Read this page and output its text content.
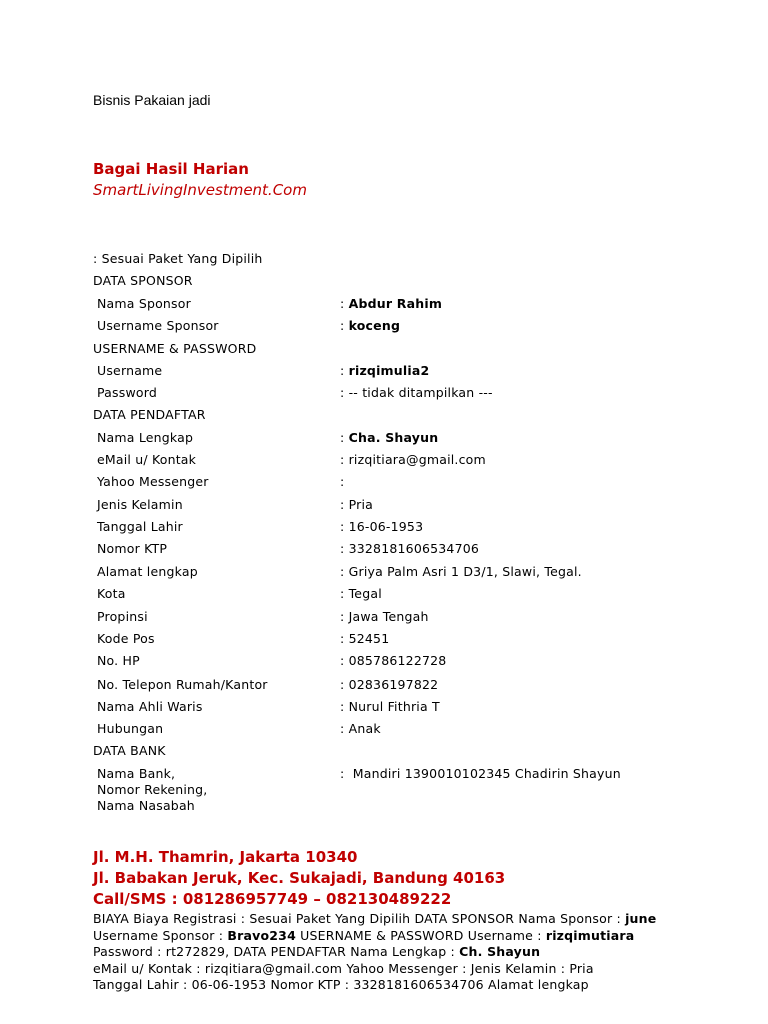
Bisnis Pakaian jadi
Bagai Hasil Harian
SmartLivingInvestment.Com
: Sesuai Paket Yang Dipilih
DATA SPONSOR
Nama Sponsor	: Abdur Rahim
Username Sponsor	: koceng
USERNAME & PASSWORD
Username	: rizqimulia2
Password	: -- tidak ditampilkan ---
DATA PENDAFTAR
Nama Lengkap	: Cha. Shayun
eMail u/ Kontak	: rizqitiara@gmail.com
Yahoo Messenger	:
Jenis Kelamin	: Pria
Tanggal Lahir	: 16-06-1953
Nomor KTP	: 3328181606534706
Alamat lengkap	: Griya Palm Asri 1 D3/1, Slawi, Tegal.
Kota	: Tegal
Propinsi	: Jawa Tengah
Kode Pos	: 52451
No. HP	: 085786122728
No. Telepon Rumah/Kantor	: 02836197822
Nama Ahli Waris	: Nurul Fithria T
Hubungan	: Anak
DATA BANK
Nama Bank,
Nomor Rekening,
Nama Nasabah
:  Mandiri 1390010102345 Chadirin Shayun
Jl. M.H. Thamrin, Jakarta 10340
Jl. Babakan Jeruk, Kec. Sukajadi, Bandung 40163
Call/SMS : 081286957749 – 082130489222
BIAYA Biaya Registrasi : Sesuai Paket Yang Dipilih DATA SPONSOR Nama Sponsor : june Username Sponsor : Bravo234 USERNAME & PASSWORD Username : rizqimutiara Password : rt272829, DATA PENDAFTAR Nama Lengkap : Ch. Shayun
eMail u/ Kontak : rizqitiara@gmail.com Yahoo Messenger : Jenis Kelamin : Pria
Tanggal Lahir : 06-06-1953 Nomor KTP : 3328181606534706 Alamat lengkap
